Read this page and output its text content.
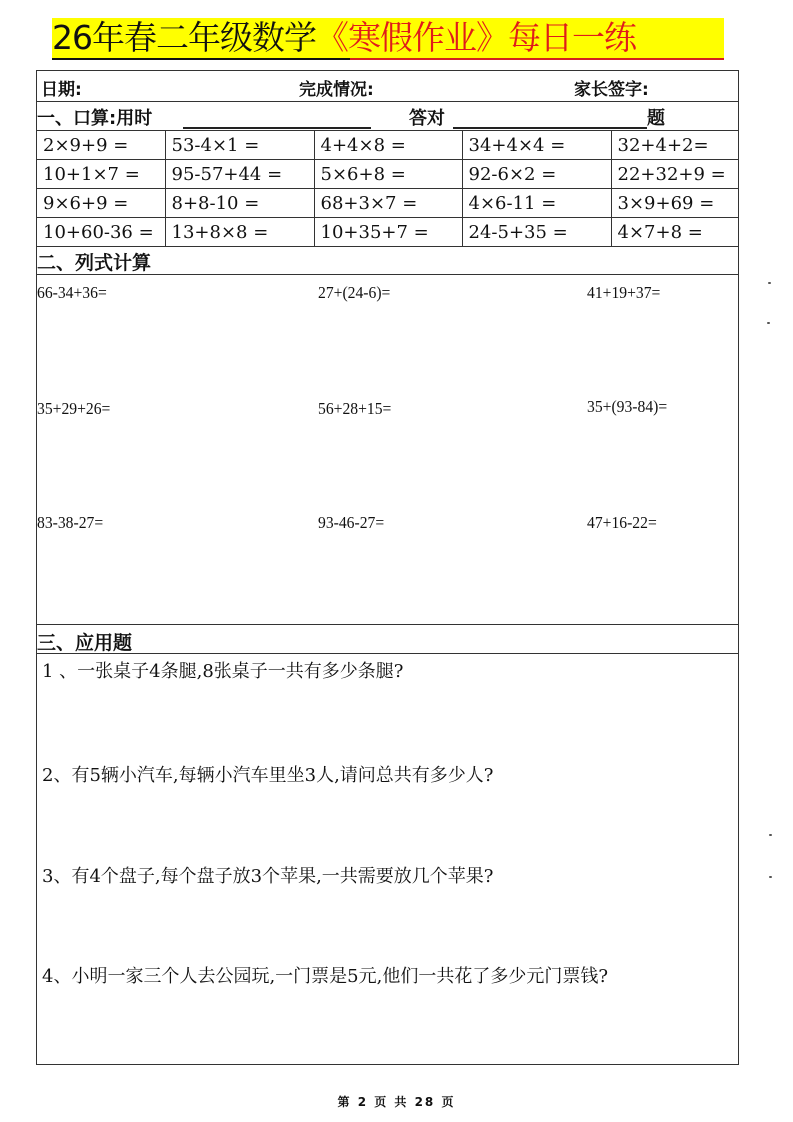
26年春二年级数学 《寒假作业》每日一练
日期:	完成情况:	家长签字:
一、口算:用时	答对	题
2×9+9 =	53-4×1 =	4+4×8 =	34+4×4 =	32+4+2=
10+1×7 =	95-57+44 =	5×6+8 =	92-6×2 =	22+32+9 =
9×6+9 =	8+8-10 =	68+3×7 =	4×6-11 =	3×9+69 =
10+60-36 =	13+8×8 =	10+35+7 =	24-5+35 =	4×7+8 =
二、列式计算
66-34+36=	27+(24-6)=	41+19+37=
35+29+26=	56+28+15=	35+(93-84)=
83-38-27=	93-46-27=	47+16-22=
三、应用题
1 、一张桌子4条腿,8张桌子一共有多少条腿?
2、有5辆小汽车,每辆小汽车里坐3人,请问总共有多少人?
3、有4个盘子,每个盘子放3个苹果,一共需要放几个苹果?
4、小明一家三个人去公园玩,一门票是5元,他们一共花了多少元门票钱?
第 2 页 共 28 页
